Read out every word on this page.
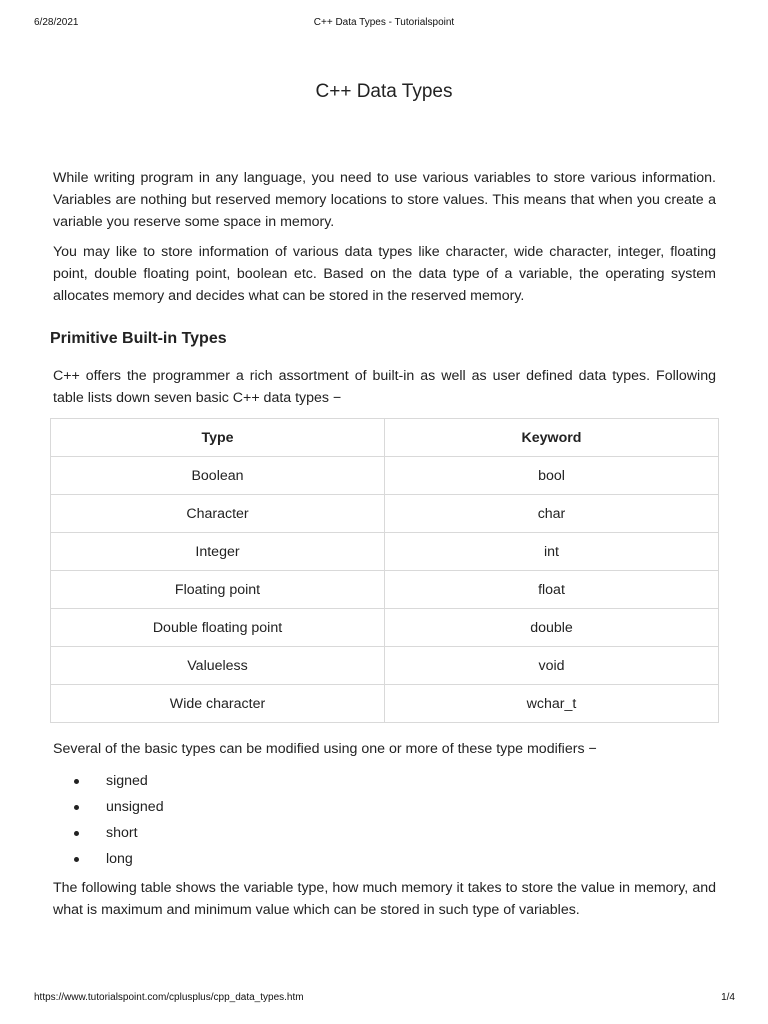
6/28/2021	C++ Data Types - Tutorialspoint
C++ Data Types

While writing program in any language, you need to use various variables to store various information. Variables are nothing but reserved memory locations to store values. This means that when you create a variable you reserve some space in memory.

You may like to store information of various data types like character, wide character, integer, floating point, double floating point, boolean etc. Based on the data type of a variable, the operating system allocates memory and decides what can be stored in the reserved memory.

Primitive Built-in Types

C++ offers the programmer a rich assortment of built-in as well as user defined data types. Following table lists down seven basic C++ data types −

Type	Keyword
Boolean	bool
Character	char
Integer	int
Floating point	float
Double floating point	double
Valueless	void
Wide character	wchar_t

Several of the basic types can be modified using one or more of these type modifiers −

signed
unsigned
short
long

The following table shows the variable type, how much memory it takes to store the value in memory, and what is maximum and minimum value which can be stored in such type of variables.

https://www.tutorialspoint.com/cplusplus/cpp_data_types.htm	1/4
